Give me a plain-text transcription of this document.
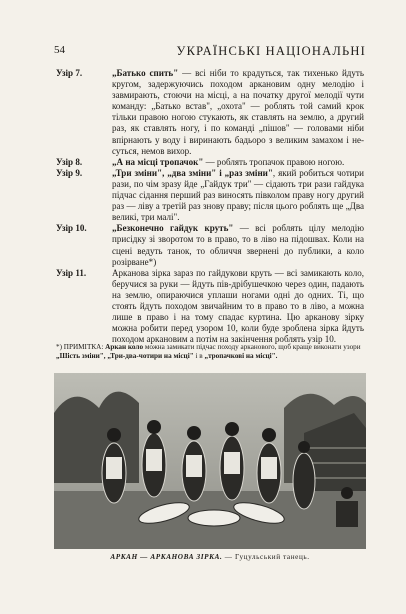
54	УКРАЇНСЬКІ НАЦІОНАЛЬНІ
Узір 7.	„Батько спить" — всі ніби то крадуться, так тихенько йдуть кругом, задержуючись походом аркановим одну мелодію і завмирають, стоючи на місці, а на початку другої мелодії чути команду: „Батько встав", „охота" — роблять той самий крок тільки правою ногою стукають, як ставлять на землю, а другий раз, як ставлять ногу, і по команді „пішов" — головами ніби впірнають у воду і виринають бадьоро з великим замахом і не-суться, немов вихор.
Узір 8.	„А на місці тропачок" — роблять тропачок правою ногою.
Узір 9.	„Три зміни", „два зміни" і „раз зміни", який робиться чотири рази, по чім зразу йде „Гайдук три" — сідають три рази гайдука підчас сідання перший раз виносять півколом праву ногу другий раз — ліву а третій раз знову праву; після цього роблять ще „Два великі, три малі".
Узір 10.	„Безконечно гайдук круть" — всі роблять цілу мелодію присідку зі зворотом то в право, то в ліво на підошвах. Коли на сцені ведуть танок, то обличчя звернені до публики, а коло розірване*)
Узір 11.	Арканова зірка зараз по гайдукови круть — всі замикають коло, беручися за руки — йдуть пів-дрібушечкою через один, падають на землю, опираючися уплаши ногами одні до одних. Ті, що стоять йдуть походом звичайним то в право то в ліво, а можна лише в право і на тому спадає куртина. Цю арканову зірку можна робити перед узором 10, коли буде зроблена зірка йдуть походом аркановим а потім на закінчення роблять узір 10.
*) ПРИМІТКА: Аркан коло можна замикати підчас походу арканового, щоб краще виконати узори „Шість зміни", „Три-два-чотири на місці" і в „тропачкові на місці".
АРКАН — АРКАНОВА ЗІРКА. — Гуцульський танець.
